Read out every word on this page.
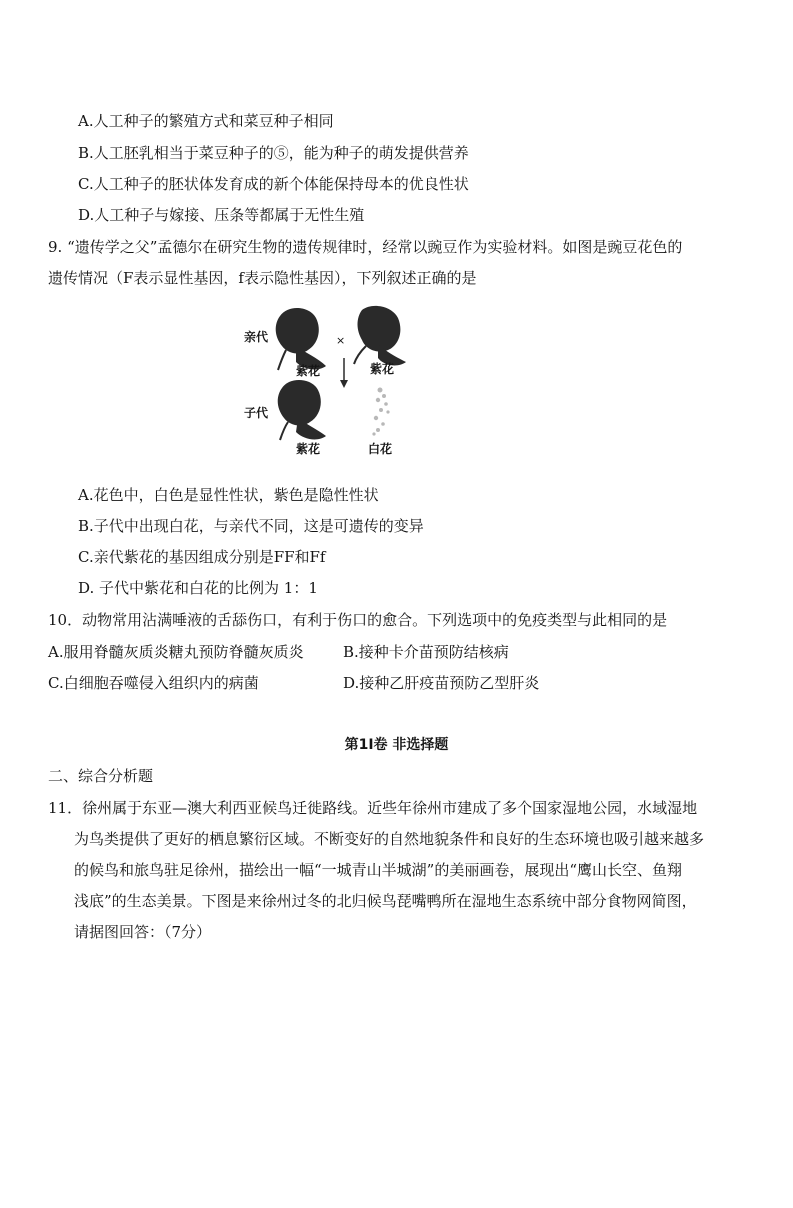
A.人工种子的繁殖方式和菜豆种子相同
B.人工胚乳相当于菜豆种子的⑤，能为种子的萌发提供营养
C.人工种子的胚状体发育成的新个体能保持母本的优良性状
D.人工种子与嫁接、压条等都属于无性生殖
9. “遗传学之父”孟德尔在研究生物的遗传规律时，经常以豌豆作为实验材料。如图是豌豆花色的
遗传情况（F表示显性基因，f表示隐性基因），下列叙述正确的是
亲代	×
紫花	紫花
子代
紫花	白花
A.花色中，白色是显性性状，紫色是隐性性状
B.子代中出现白花，与亲代不同，这是可遗传的变异
C.亲代紫花的基因组成分别是FF和Ff
D. 子代中紫花和白花的比例为 1：1
10．动物常用沾满唾液的舌舔伤口，有利于伤口的愈合。下列选项中的免疫类型与此相同的是
A.服用脊髓灰质炎糖丸预防脊髓灰质炎	B.接种卡介苗预防结核病
C.白细胞吞噬侵入组织内的病菌	D.接种乙肝疫苗预防乙型肝炎
第1I卷 非选择题
二、综合分析题
11．徐州属于东亚—澳大利西亚候鸟迁徙路线。近些年徐州市建成了多个国家湿地公园，水域湿地
为鸟类提供了更好的栖息繁衍区域。不断变好的自然地貌条件和良好的生态环境也吸引越来越多
的候鸟和旅鸟驻足徐州，描绘出一幅“一城青山半城湖”的美丽画卷，展现出“鹰山长空、鱼翔
浅底”的生态美景。下图是来徐州过冬的北归候鸟琵嘴鸭所在湿地生态系统中部分食物网简图，
请据图回答：（7分）
